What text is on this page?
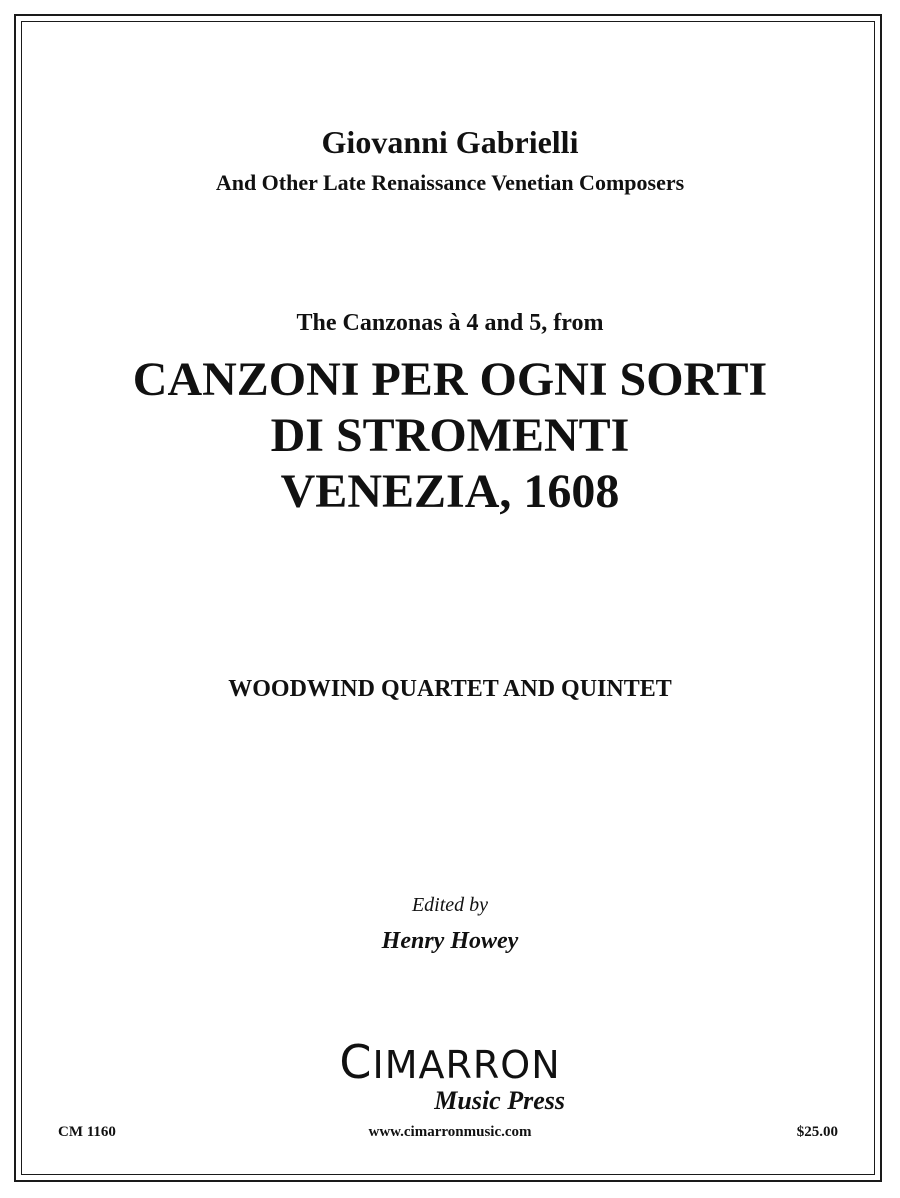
Giovanni Gabrielli
And Other Late Renaissance Venetian Composers
The Canzonas à 4 and 5, from
CANZONI PER OGNI SORTI
DI STROMENTI
VENEZIA, 1608
WOODWIND QUARTET AND QUINTET
Edited by
Henry Howey
CIMARRON
Music Press
CM 1160	www.cimarronmusic.com	$25.00
